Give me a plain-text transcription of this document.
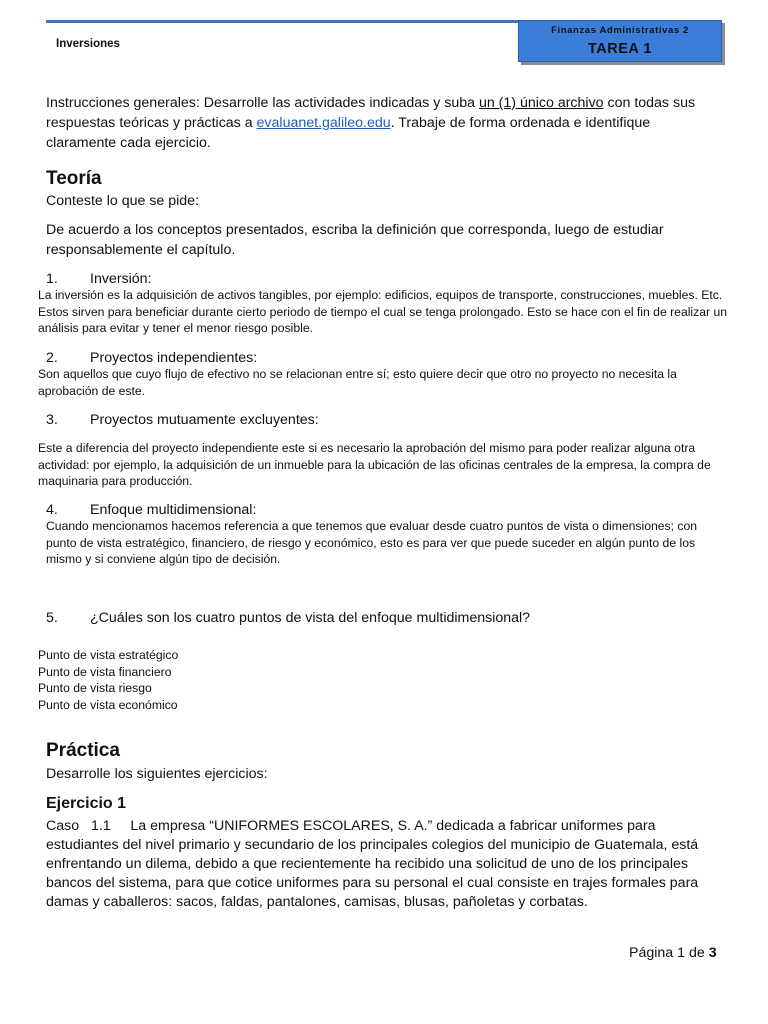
Inversiones
Finanzas Administrativas 2
TAREA 1
Instrucciones generales: Desarrolle las actividades indicadas y suba un (1) único archivo con todas sus respuestas teóricas y prácticas a evaluanet.galileo.edu. Trabaje de forma ordenada e identifique claramente cada ejercicio.
Teoría
Conteste lo que se pide:
De acuerdo a los conceptos presentados, escriba la definición que corresponda, luego de estudiar responsablemente el capítulo.
1. Inversión:
La inversión es la adquisición de activos tangibles, por ejemplo: edificios, equipos de transporte, construcciones, muebles. Etc. Estos sirven para beneficiar durante cierto periodo de tiempo el cual se tenga prolongado. Esto se hace con el fin de realizar un análisis para evitar y tener el menor riesgo posible.
2. Proyectos independientes:
Son aquellos que cuyo flujo de efectivo no se relacionan entre sí; esto quiere decir que otro no proyecto no necesita la aprobación de este.
3. Proyectos mutuamente excluyentes:
Este a diferencia del proyecto independiente este si es necesario la aprobación del mismo para poder realizar alguna otra actividad: por ejemplo, la adquisición de un inmueble para la ubicación de las oficinas centrales de la empresa, la compra de maquinaria para producción.
4. Enfoque multidimensional:
Cuando mencionamos hacemos referencia a que tenemos que evaluar desde cuatro puntos de vista o dimensiones; con punto de vista estratégico, financiero, de riesgo y económico, esto es para ver que puede suceder en algún punto de los mismo y si conviene algún tipo de decisión.
5. ¿Cuáles son los cuatro puntos de vista del enfoque multidimensional?
Punto de vista estratégico
Punto de vista financiero
Punto de vista riesgo
Punto de vista económico
Práctica
Desarrolle los siguientes ejercicios:
Ejercicio 1
Caso   1.1 La empresa “UNIFORMES ESCOLARES, S. A.” dedicada a fabricar uniformes para estudiantes del nivel primario y secundario de los principales colegios del municipio de Guatemala, está enfrentando un dilema, debido a que recientemente ha recibido una solicitud de uno de los principales bancos del sistema, para que cotice uniformes para su personal el cual consiste en trajes formales para damas y caballeros: sacos, faldas, pantalones, camisas, blusas, pañoletas y corbatas.
Página 1 de 3
